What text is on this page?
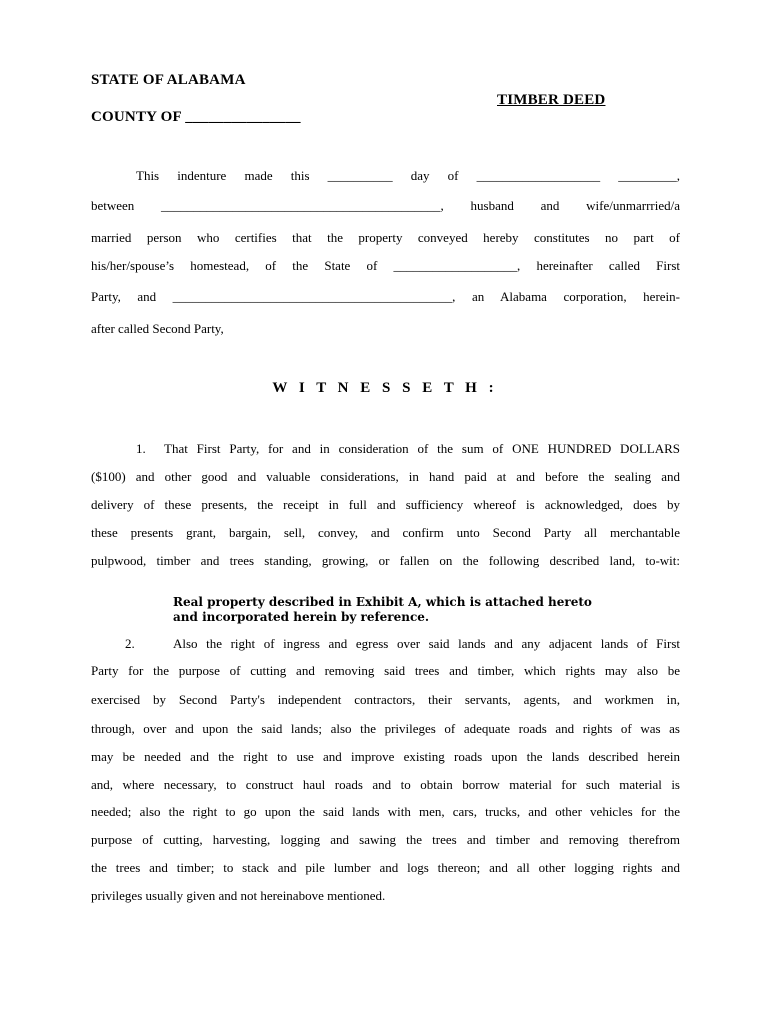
STATE OF ALABAMA
COUNTY OF _______________
TIMBER DEED
This indenture made this __________ day of ___________________ _________,
between ___________________________________________, husband and wife/unmarrried/a
married person who certifies that the property conveyed hereby constitutes no part of
his/her/spouse’s homestead, of the State of ___________________, hereinafter called First
Party, and ___________________________________________, an Alabama corporation, herein-
after called Second Party,
W I T N E S S E T H :
1. That First Party, for and in consideration of the sum of ONE HUNDRED DOLLARS
($100) and other good and valuable considerations, in hand paid at and before the sealing and
delivery of these presents, the receipt in full and sufficiency whereof is acknowledged, does by
these presents grant, bargain, sell, convey, and confirm unto Second Party all merchantable
pulpwood, timber and trees standing, growing, or fallen on the following described land, to-wit:
Real property described in Exhibit A, which is attached hereto
and incorporated herein by reference.
2.	Also the right of ingress and egress over said lands and any adjacent lands of First
Party for the purpose of cutting and removing said trees and timber, which rights may also be
exercised by Second Party's independent contractors, their servants, agents, and workmen in,
through, over and upon the said lands; also the privileges of adequate roads and rights of was as
may be needed and the right to use and improve existing roads upon the lands described herein
and, where necessary, to construct haul roads and to obtain borrow material for such material is
needed; also the right to go upon the said lands with men, cars, trucks, and other vehicles for the
purpose of cutting, harvesting, logging and sawing the trees and timber and removing therefrom
the trees and timber; to stack and pile lumber and logs thereon; and all other logging rights and
privileges usually given and not hereinabove mentioned.
